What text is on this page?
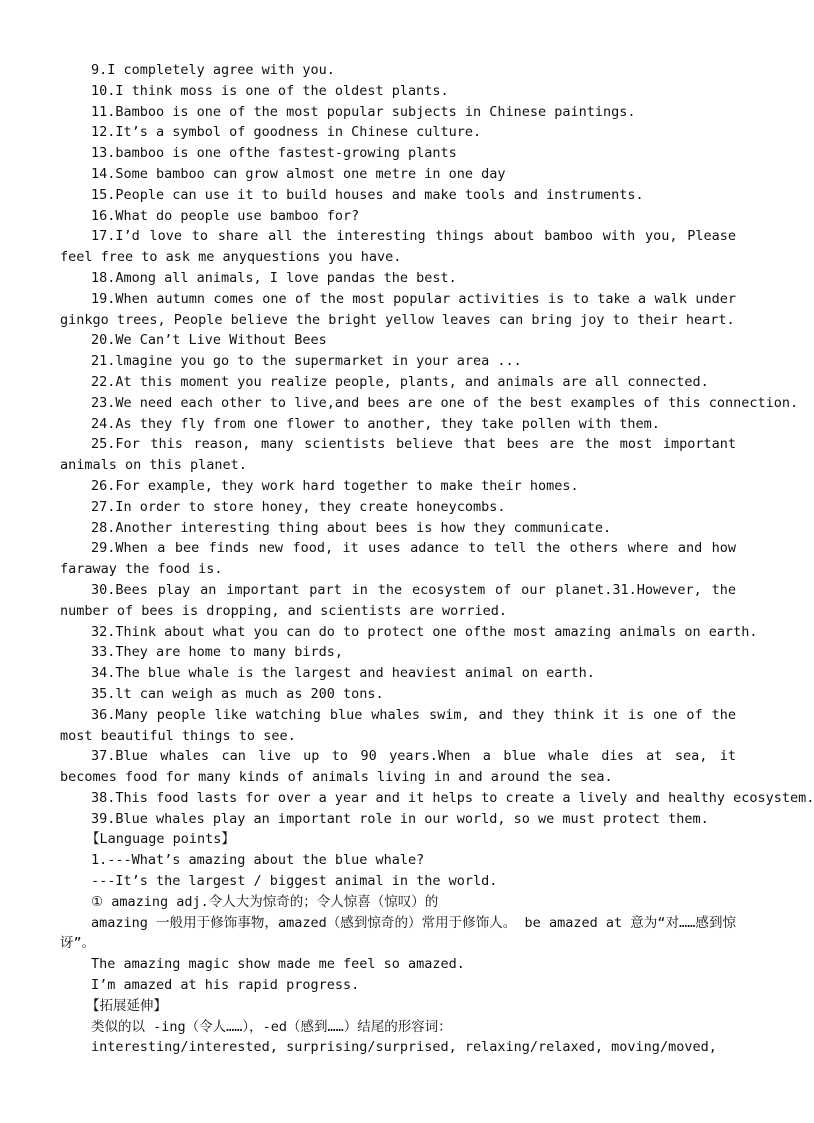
9.I completely agree with you.
10.I think moss is one of the oldest plants.
11.Bamboo is one of the most popular subjects in Chinese paintings.
12.It’s a symbol of goodness in Chinese culture.
13.bamboo is one ofthe fastest-growing plants
14.Some bamboo can grow almost one metre in one day
15.People can use it to build houses and make tools and instruments.
16.What do people use bamboo for?
17.I’d love to share all the interesting things about bamboo with you, Please feel free to ask me anyquestions you have.
18.Among all animals, I love pandas the best.
19.When autumn comes one of the most popular activities is to take a walk under ginkgo trees, People believe the bright yellow leaves can bring joy to their heart.
20.We Can’t Live Without Bees
21.lmagine you go to the supermarket in your area ...
22.At this moment you realize people, plants, and animals are all connected.
23.We need each other to live,and bees are one of the best examples of this connection.
24.As they fly from one flower to another, they take pollen with them.
25.For this reason, many scientists believe that bees are the most important animals on this planet.
26.For example, they work hard together to make their homes.
27.In order to store honey, they create honeycombs.
28.Another interesting thing about bees is how they communicate.
29.When a bee finds new food, it uses adance to tell the others where and how faraway the food is.
30.Bees play an important part in the ecosystem of our planet.31.However, the number of bees is dropping, and scientists are worried.
32.Think about what you can do to protect one ofthe most amazing animals on earth.
33.They are home to many birds,
34.The blue whale is the largest and heaviest animal on earth.
35.lt can weigh as much as 200 tons.
36.Many people like watching blue whales swim, and they think it is one of the most beautiful things to see.
37.Blue whales can live up to 90 years.When a blue whale dies at sea, it becomes food for many kinds of animals living in and around the sea.
38.This food lasts for over a year and it helps to create a lively and healthy ecosystem.
39.Blue whales play an important role in our world, so we must protect them.
【Language points】
1.---What’s amazing about the blue whale?
---It’s the largest / biggest animal in the world.
① amazing adj.令人大为惊奇的；令人惊喜（惊叹）的
amazing 一般用于修饰事物，amazed（感到惊奇的）常用于修饰人。 be amazed at 意为“对……感到惊讶”。
The amazing magic show made me feel so amazed.
I’m amazed at his rapid progress.
【拓展延伸】
类似的以 -ing（令人……），-ed（感到……）结尾的形容词：
interesting/interested, surprising/surprised, relaxing/relaxed, moving/moved,
